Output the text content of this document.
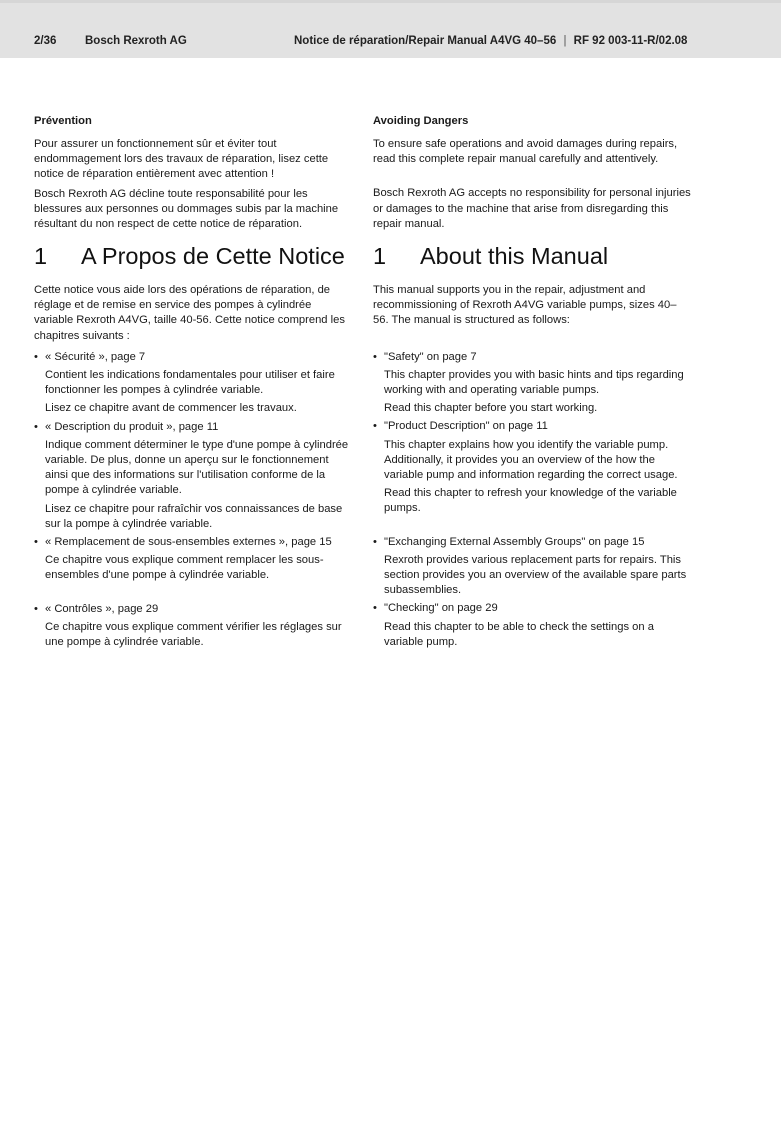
2/36 Bosch Rexroth AG	Notice de réparation/Repair Manual A4VG 40–56 | RF 92 003-11-R/02.08
Prévention

Pour assurer un fonctionnement sûr et éviter tout endommagement lors des travaux de réparation, lisez cette notice de réparation entièrement avec attention !

Bosch Rexroth AG décline toute responsabilité pour les blessures aux personnes ou dommages subis par la machine résultant du non respect de cette notice de réparation.

1 A Propos de Cette Notice

Cette notice vous aide lors des opérations de réparation, de réglage et de remise en service des pompes à cylindrée variable Rexroth A4VG, taille 40-56. Cette notice comprend les chapitres suivants :

• « Sécurité », page 7
Contient les indications fondamentales pour utiliser et faire fonctionner les pompes à cylindrée variable.
Lisez ce chapitre avant de commencer les travaux.
• « Description du produit », page 11
Indique comment déterminer le type d'une pompe à cylindrée variable. De plus, donne un aperçu sur le fonctionnement ainsi que des informations sur l'utilisation conforme de la pompe à cylindrée variable.
Lisez ce chapitre pour rafraîchir vos connaissances de base sur la pompe à cylindrée variable.
• « Remplacement de sous-ensembles externes », page 15
Ce chapitre vous explique comment remplacer les sous-ensembles d'une pompe à cylindrée variable.
• « Contrôles », page 29
Ce chapitre vous explique comment vérifier les réglages sur une pompe à cylindrée variable.
Avoiding Dangers

To ensure safe operations and avoid damages during repairs, read this complete repair manual carefully and attentively.

Bosch Rexroth AG accepts no responsibility for personal injuries or damages to the machine that arise from disregarding this repair manual.

1 About this Manual

This manual supports you in the repair, adjustment and recommissioning of Rexroth A4VG variable pumps, sizes 40–56. The manual is structured as follows:

• "Safety" on page 7
This chapter provides you with basic hints and tips regarding working with and operating variable pumps.
Read this chapter before you start working.
• "Product Description" on page 11
This chapter explains how you identify the variable pump. Additionally, it provides you an overview of the how the variable pump and information regarding the correct usage.
Read this chapter to refresh your knowledge of the variable pumps.
• "Exchanging External Assembly Groups" on page 15
Rexroth provides various replacement parts for repairs. This section provides you an overview of the available spare parts subassemblies.
• "Checking" on page 29
Read this chapter to be able to check the settings on a variable pump.
